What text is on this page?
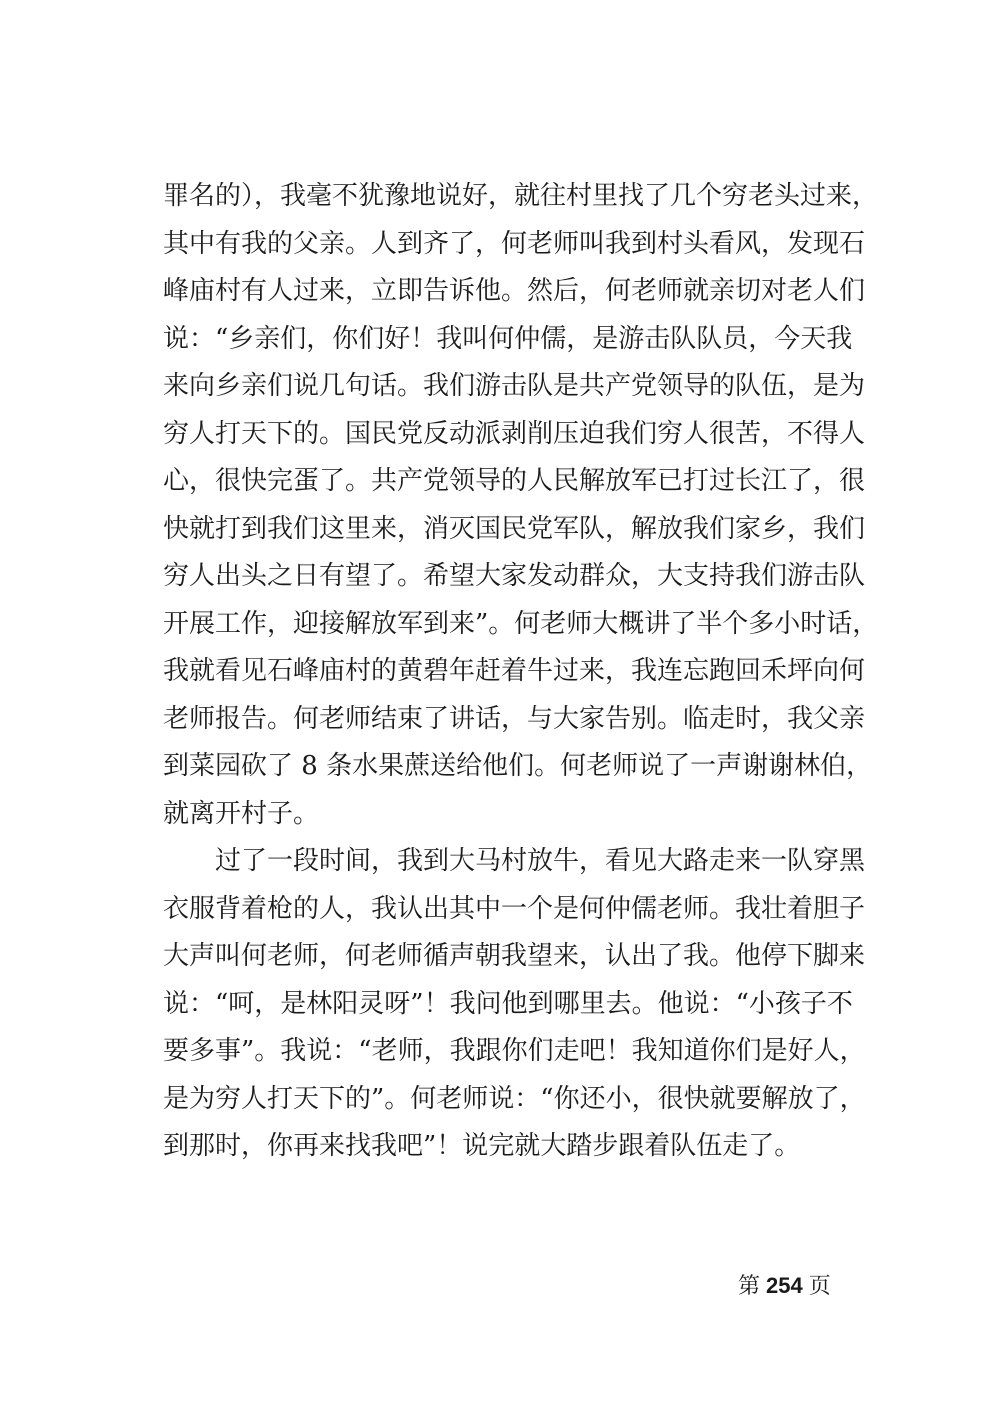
罪名的），我毫不犹豫地说好，就往村里找了几个穷老头过来，
其中有我的父亲。人到齐了，何老师叫我到村头看风，发现石
峰庙村有人过来，立即告诉他。然后，何老师就亲切对老人们
说：“乡亲们，你们好！我叫何仲儒，是游击队队员，今天我
来向乡亲们说几句话。我们游击队是共产党领导的队伍，是为
穷人打天下的。国民党反动派剥削压迫我们穷人很苦，不得人
心，很快完蛋了。共产党领导的人民解放军已打过长江了，很
快就打到我们这里来，消灭国民党军队，解放我们家乡，我们
穷人出头之日有望了。希望大家发动群众，大支持我们游击队
开展工作，迎接解放军到来”。何老师大概讲了半个多小时话，
我就看见石峰庙村的黄碧年赶着牛过来，我连忘跑回禾坪向何
老师报告。何老师结束了讲话，与大家告别。临走时，我父亲
到菜园砍了 8 条水果蔗送给他们。何老师说了一声谢谢林伯，
就离开村子。
过了一段时间，我到大马村放牛，看见大路走来一队穿黑
衣服背着枪的人，我认出其中一个是何仲儒老师。我壮着胆子
大声叫何老师，何老师循声朝我望来，认出了我。他停下脚来
说：“呵，是林阳灵呀”！我问他到哪里去。他说：“小孩子不
要多事”。我说：“老师，我跟你们走吧！我知道你们是好人，
是为穷人打天下的”。何老师说：“你还小，很快就要解放了，
到那时，你再来找我吧”！说完就大踏步跟着队伍走了。
第 254 页
